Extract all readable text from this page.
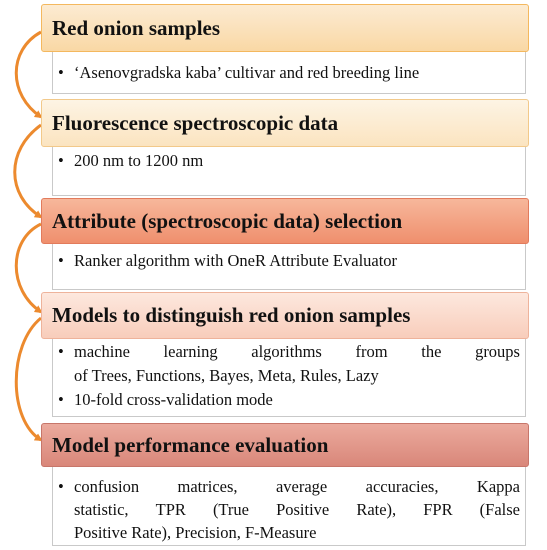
Red onion samples
• ‘Asenovgradska kaba’ cultivar and red breeding line
Fluorescence spectroscopic data
• 200 nm to 1200 nm
Attribute (spectroscopic data) selection
• Ranker algorithm with OneR Attribute Evaluator
Models to distinguish red onion samples
• machine learning algorithms from the groups
of Trees, Functions, Bayes, Meta, Rules, Lazy
• 10-fold cross-validation mode
Model performance evaluation
• confusion matrices, average accuracies, Kappa
statistic, TPR (True Positive Rate), FPR (False
Positive Rate), Precision, F-Measure
